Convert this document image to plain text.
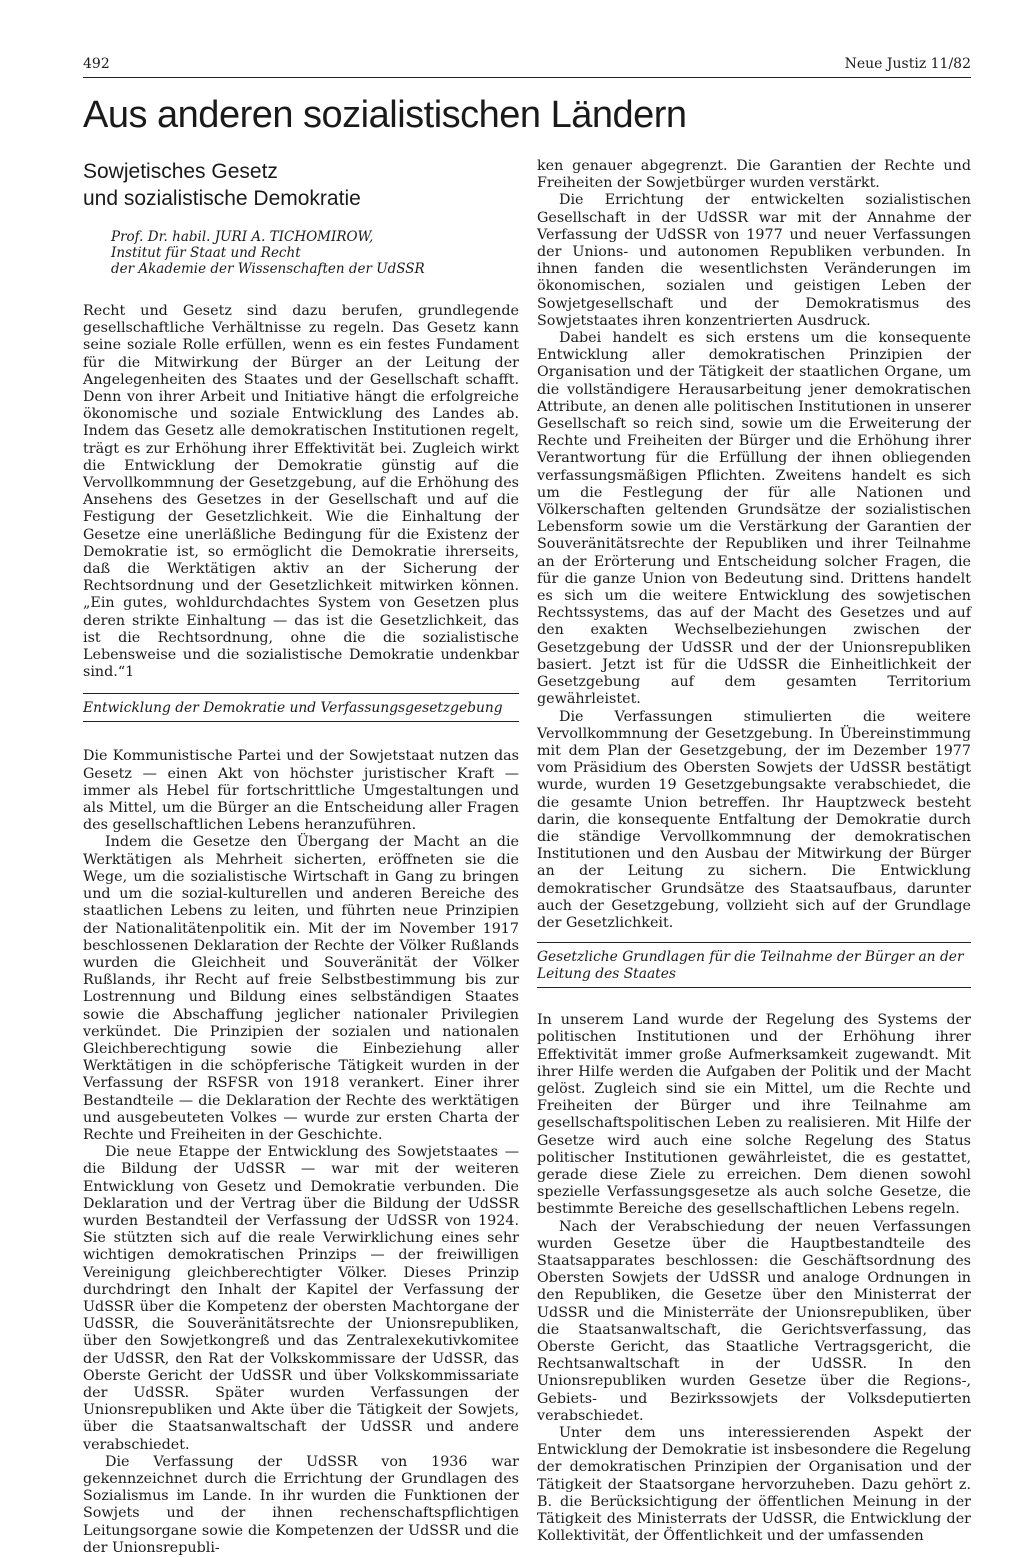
492	Neue Justiz 11/82
Aus anderen sozialistischen Ländern
Sowjetisches Gesetz
und sozialistische Demokratie
Prof. Dr. habil. JURI A. TICHOMIROW,
Institut für Staat und Recht
der Akademie der Wissenschaften der UdSSR

Recht und Gesetz sind dazu berufen, grundlegende gesellschaftliche Verhältnisse zu regeln. Das Gesetz kann seine soziale Rolle erfüllen, wenn es ein festes Fundament für die Mitwirkung der Bürger an der Leitung der Angelegenheiten des Staates und der Gesellschaft schafft. Denn von ihrer Arbeit und Initiative hängt die erfolgreiche ökonomische und soziale Entwicklung des Landes ab. Indem das Gesetz alle demokratischen Institutionen regelt, trägt es zur Erhöhung ihrer Effektivität bei. Zugleich wirkt die Entwicklung der Demokratie günstig auf die Vervollkommnung der Gesetzgebung, auf die Erhöhung des Ansehens des Gesetzes in der Gesellschaft und auf die Festigung der Gesetzlichkeit. Wie die Einhaltung der Gesetze eine unerläßliche Bedingung für die Existenz der Demokratie ist, so ermöglicht die Demokratie ihrerseits, daß die Werktätigen aktiv an der Sicherung der Rechtsordnung und der Gesetzlichkeit mitwirken können. „Ein gutes, wohldurchdachtes System von Gesetzen plus deren strikte Einhaltung — das ist die Gesetzlichkeit, das ist die Rechtsordnung, ohne die die sozialistische Lebensweise und die sozialistische Demokratie undenkbar sind.“1

Entwicklung der Demokratie und Verfassungsgesetzgebung

Die Kommunistische Partei und der Sowjetstaat nutzen das Gesetz — einen Akt von höchster juristischer Kraft — immer als Hebel für fortschrittliche Umgestaltungen und als Mittel, um die Bürger an die Entscheidung aller Fragen des gesellschaftlichen Lebens heranzuführen.

Indem die Gesetze den Übergang der Macht an die Werktätigen als Mehrheit sicherten, eröffneten sie die Wege, um die sozialistische Wirtschaft in Gang zu bringen und um die sozial-kulturellen und anderen Bereiche des staatlichen Lebens zu leiten, und führten neue Prinzipien der Nationalitätenpolitik ein. Mit der im November 1917 beschlossenen Deklaration der Rechte der Völker Rußlands wurden die Gleichheit und Souveränität der Völker Rußlands, ihr Recht auf freie Selbstbestimmung bis zur Lostrennung und Bildung eines selbständigen Staates sowie die Abschaffung jeglicher nationaler Privilegien verkündet. Die Prinzipien der sozialen und nationalen Gleichberechtigung sowie die Einbeziehung aller Werktätigen in die schöpferische Tätigkeit wurden in der Verfassung der RSFSR von 1918 verankert. Einer ihrer Bestandteile — die Deklaration der Rechte des werktätigen und ausgebeuteten Volkes — wurde zur ersten Charta der Rechte und Freiheiten in der Geschichte.

Die neue Etappe der Entwicklung des Sowjetstaates — die Bildung der UdSSR — war mit der weiteren Entwicklung von Gesetz und Demokratie verbunden. Die Deklaration und der Vertrag über die Bildung der UdSSR wurden Bestandteil der Verfassung der UdSSR von 1924. Sie stützten sich auf die reale Verwirklichung eines sehr wichtigen demokratischen Prinzips — der freiwilligen Vereinigung gleichberechtigter Völker. Dieses Prinzip durchdringt den Inhalt der Kapitel der Verfassung der UdSSR über die Kompetenz der obersten Machtorgane der UdSSR, die Souveränitätsrechte der Unionsrepubliken, über den Sowjetkongreß und das Zentralexekutivkomitee der UdSSR, den Rat der Volkskommissare der UdSSR, das Oberste Gericht der UdSSR und über Volkskommissariate der UdSSR. Später wurden Verfassungen der Unionsrepubliken und Akte über die Tätigkeit der Sowjets, über die Staatsanwaltschaft der UdSSR und andere verabschiedet.

Die Verfassung der UdSSR von 1936 war gekennzeichnet durch die Errichtung der Grundlagen des Sozialismus im Lande. In ihr wurden die Funktionen der Sowjets und der ihnen rechenschaftspflichtigen Leitungsorgane sowie die Kompetenzen der UdSSR und die der Unionsrepubli-

ken genauer abgegrenzt. Die Garantien der Rechte und Freiheiten der Sowjetbürger wurden verstärkt.

Die Errichtung der entwickelten sozialistischen Gesellschaft in der UdSSR war mit der Annahme der Verfassung der UdSSR von 1977 und neuer Verfassungen der Unions- und autonomen Republiken verbunden. In ihnen fanden die wesentlichsten Veränderungen im ökonomischen, sozialen und geistigen Leben der Sowjetgesellschaft und der Demokratismus des Sowjetstaates ihren konzentrierten Ausdruck.

Dabei handelt es sich erstens um die konsequente Entwicklung aller demokratischen Prinzipien der Organisation und der Tätigkeit der staatlichen Organe, um die vollständigere Herausarbeitung jener demokratischen Attribute, an denen alle politischen Institutionen in unserer Gesellschaft so reich sind, sowie um die Erweiterung der Rechte und Freiheiten der Bürger und die Erhöhung ihrer Verantwortung für die Erfüllung der ihnen obliegenden verfassungsmäßigen Pflichten. Zweitens handelt es sich um die Festlegung der für alle Nationen und Völkerschaften geltenden Grundsätze der sozialistischen Lebensform sowie um die Verstärkung der Garantien der Souveränitätsrechte der Republiken und ihrer Teilnahme an der Erörterung und Entscheidung solcher Fragen, die für die ganze Union von Bedeutung sind. Drittens handelt es sich um die weitere Entwicklung des sowjetischen Rechtssystems, das auf der Macht des Gesetzes und auf den exakten Wechselbeziehungen zwischen der Gesetzgebung der UdSSR und der der Unionsrepubliken basiert. Jetzt ist für die UdSSR die Einheitlichkeit der Gesetzgebung auf dem gesamten Territorium gewährleistet.

Die Verfassungen stimulierten die weitere Vervollkommnung der Gesetzgebung. In Übereinstimmung mit dem Plan der Gesetzgebung, der im Dezember 1977 vom Präsidium des Obersten Sowjets der UdSSR bestätigt wurde, wurden 19 Gesetzgebungsakte verabschiedet, die die gesamte Union betreffen. Ihr Hauptzweck besteht darin, die konsequente Entfaltung der Demokratie durch die ständige Vervollkommnung der demokratischen Institutionen und den Ausbau der Mitwirkung der Bürger an der Leitung zu sichern. Die Entwicklung demokratischer Grundsätze des Staatsaufbaus, darunter auch der Gesetzgebung, vollzieht sich auf der Grundlage der Gesetzlichkeit.

Gesetzliche Grundlagen für die Teilnahme der Bürger an der Leitung des Staates

In unserem Land wurde der Regelung des Systems der politischen Institutionen und der Erhöhung ihrer Effektivität immer große Aufmerksamkeit zugewandt. Mit ihrer Hilfe werden die Aufgaben der Politik und der Macht gelöst. Zugleich sind sie ein Mittel, um die Rechte und Freiheiten der Bürger und ihre Teilnahme am gesellschaftspolitischen Leben zu realisieren. Mit Hilfe der Gesetze wird auch eine solche Regelung des Status politischer Institutionen gewährleistet, die es gestattet, gerade diese Ziele zu erreichen. Dem dienen sowohl spezielle Verfassungsgesetze als auch solche Gesetze, die bestimmte Bereiche des gesellschaftlichen Lebens regeln.

Nach der Verabschiedung der neuen Verfassungen wurden Gesetze über die Hauptbestandteile des Staatsapparates beschlossen: die Geschäftsordnung des Obersten Sowjets der UdSSR und analoge Ordnungen in den Republiken, die Gesetze über den Ministerrat der UdSSR und die Ministerräte der Unionsrepubliken, über die Staatsanwaltschaft, die Gerichtsverfassung, das Oberste Gericht, das Staatliche Vertragsgericht, die Rechtsanwaltschaft in der UdSSR. In den Unionsrepubliken wurden Gesetze über die Regions-, Gebiets- und Bezirkssowjets der Volksdeputierten verabschiedet.

Unter dem uns interessierenden Aspekt der Entwicklung der Demokratie ist insbesondere die Regelung der demokratischen Prinzipien der Organisation und der Tätigkeit der Staatsorgane hervorzuheben. Dazu gehört z. B. die Berücksichtigung der öffentlichen Meinung in der Tätigkeit des Ministerrats der UdSSR, die Entwicklung der Kollektivität, der Öffentlichkeit und der umfassenden
